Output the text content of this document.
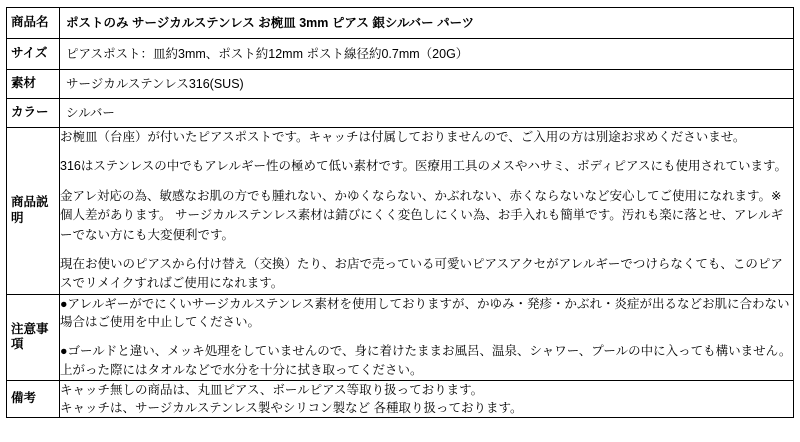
商品名	ポストのみ サージカルステンレス お椀皿 3mm ピアス 銀シルバー パーツ
サイズ	ピアスポスト：皿約3mm、ポスト約12mm ポスト線径約0.7mm（20G）
素材	サージカルステンレス316(SUS)
カラー	シルバー
商品説明	お椀皿（台座）が付いたピアスポストです。キャッチは付属しておりませんので、ご入用の方は別途お求めくださいませ。

316はステンレスの中でもアレルギー性の極めて低い素材です。医療用工具のメスやハサミ、ボディピアスにも使用されています。

金アレ対応の為、敏感なお肌の方でも腫れない、かゆくならない、かぶれない、赤くならないなど安心してご使用になれます。※個人差があります。 サージカルステンレス素材は錆びにくく変色しにくい為、お手入れも簡単です。汚れも楽に落とせ、アレルギーでない方にも大変便利です。

現在お使いのピアスから付け替え（交換）たり、お店で売っている可愛いピアスアクセがアレルギーでつけらなくても、このピアスでリメイクすればご使用になれます。

注意事項	●アレルギーがでにくいサージカルステンレス素材を使用しておりますが、かゆみ・発疹・かぶれ・炎症が出るなどお肌に合わない場合はご使用を中止してください。

●ゴールドと違い、メッキ処理をしていませんので、身に着けたままお風呂、温泉、シャワー、プールの中に入っても構いません。上がった際にはタオルなどで水分を十分に拭き取ってください。

備考	キャッチ無しの商品は、丸皿ピアス、ボールピアス等取り扱っております。

キャッチは、サージカルステンレス製やシリコン製など 各種取り扱っております。
